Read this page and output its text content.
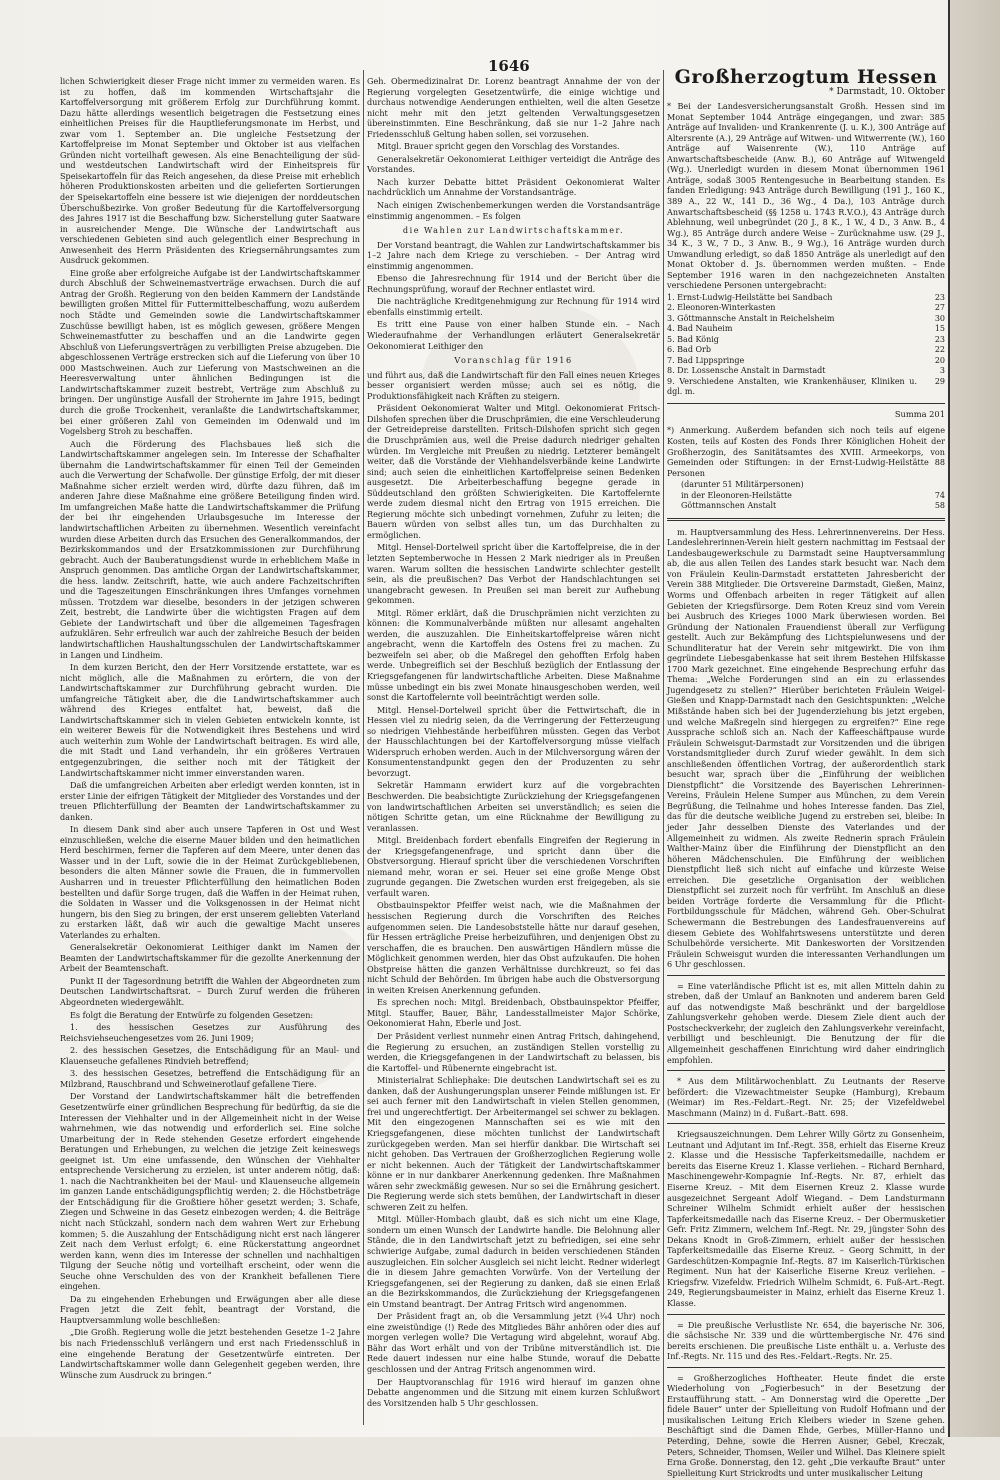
1646

lichen Schwierigkeit dieser Frage nicht immer zu vermeiden waren. Es ist zu hoffen, daß im kommenden Wirtschaftsjahr die Kartoffelversorgung mit größerem Erfolg zur Durchführung kommt. Dazu hätte allerdings wesentlich beigetragen die Festsetzung eines einheitlichen Preises für die Hauptlieferungsmonate im Herbst, und zwar vom 1. September an. Die ungleiche Festsetzung der Kartoffelpreise im Monat September und Oktober ist aus vielfachen Gründen nicht vorteilhaft gewesen. Als eine Benachteiligung der süd- und westdeutschen Landwirtschaft wird der Einheitspreis für Speisekartoffeln für das Reich angesehen, da diese Preise mit erheblich höheren Produktionskosten arbeiten und die gelieferten Sortierungen der Speisekartoffeln eine bessere ist wie diejenigen der norddeutschen Überschußbezirke. Von großer Bedeutung für die Kartoffelversorgung des Jahres 1917 ist die Beschaffung bzw. Sicherstellung guter Saatware in ausreichender Menge. Die Wünsche der Landwirtschaft aus verschiedenen Gebieten sind auch gelegentlich einer Besprechung in Anwesenheit des Herrn Präsidenten des Kriegsernährungsamtes zum Ausdruck gekommen.

Eine große aber erfolgreiche Aufgabe ist der Landwirtschaftskammer durch Abschluß der Schweinemastverträge erwachsen. Durch die auf Antrag der Großh. Regierung von den beiden Kammern der Landstände bewilligten großen Mittel für Futtermittelbeschaffung, wozu außerdem noch Städte und Gemeinden sowie die Landwirtschaftskammer Zuschüsse bewilligt haben, ist es möglich gewesen, größere Mengen Schweinemastfutter zu beschaffen und an die Landwirte gegen Abschluß von Lieferungsverträgen zu verbilligten Preise abzugeben. Die abgeschlossenen Verträge erstrecken sich auf die Lieferung von über 10 000 Mastschweinen. Auch zur Lieferung von Mastschweinen an die Heeresverwaltung unter ähnlichen Bedingungen ist die Landwirtschaftskammer zuzeit bestrebt, Verträge zum Abschluß zu bringen. Der ungünstige Ausfall der Strohernte im Jahre 1915, bedingt durch die große Trockenheit, veranlaßte die Landwirtschaftskammer, bei einer größeren Zahl von Gemeinden im Odenwald und im Vogelsberg Stroh zu beschaffen.

Auch die Förderung des Flachsbaues ließ sich die Landwirtschaftskammer angelegen sein. Im Interesse der Schafhalter übernahm die Landwirtschaftskammer für einen Teil der Gemeinden auch die Verwertung der Schafwolle. Der günstige Erfolg, der mit dieser Maßnahme sicher erzielt werden wird, dürfte dazu führen, daß im anderen Jahre diese Maßnahme eine größere Beteiligung finden wird. Im umfangreichen Maße hatte die Landwirtschaftskammer die Prüfung der bei ihr eingehenden Urlaubsgesuche im Interesse der landwirtschaftlichen Arbeiten zu übernehmen. Wesentlich vereinfacht wurden diese Arbeiten durch das Ersuchen des Generalkommandos, der Bezirkskommandos und der Ersatzkommissionen zur Durchführung gebracht. Auch der Bauberatungsdienst wurde in erheblichem Maße in Anspruch genommen. Das amtliche Organ der Landwirtschaftskammer, die hess. landw. Zeitschrift, hatte, wie auch andere Fachzeitschriften und die Tageszeitungen Einschränkungen ihres Umfanges vornehmen müssen. Trotzdem war dieselbe, besonders in der jetzigen schweren Zeit, bestrebt, die Landwirte über die wichtigsten Fragen auf dem Gebiete der Landwirtschaft und über die allgemeinen Tagesfragen aufzuklären. Sehr erfreulich war auch der zahlreiche Besuch der beiden landwirtschaftlichen Haushaltungsschulen der Landwirtschaftskammer in Langen und Lindheim.

In dem kurzen Bericht, den der Herr Vorsitzende erstattete, war es nicht möglich, alle die Maßnahmen zu erörtern, die von der Landwirtschaftskammer zur Durchführung gebracht wurden. Die umfangreiche Tätigkeit aber, die die Landwirtschaftskammer auch während des Krieges entfaltet hat, beweist, daß die Landwirtschaftskammer sich in vielen Gebieten entwickeln konnte, ist ein weiterer Beweis für die Notwendigkeit ihres Bestehens und wird auch weiterhin zum Wohle der Landwirtschaft beitragen. Es wird alle, die mit Stadt und Land verhandeln, ihr ein größeres Vertrauen entgegenzubringen, die seither noch mit der Tätigkeit der Landwirtschaftskammer nicht immer einverstanden waren.

Daß die umfangreichen Arbeiten aber erledigt werden konnten, ist in erster Linie der eifrigen Tätigkeit der Mitglieder des Vorstandes und der treuen Pflichterfüllung der Beamten der Landwirtschaftskammer zu danken.

In diesem Dank sind aber auch unsere Tapferen in Ost und West einzuschließen, welche die eiserne Mauer bilden und den heimatlichen Herd beschirmen, ferner die Tapferen auf dem Meere, unter denen das Wasser und in der Luft, sowie die in der Heimat Zurückgebliebenen, besonders die alten Männer sowie die Frauen, die in fummervollen Ausharren und in treuester Pflichterfüllung den heimatlichen Boden bestellten und dafür Sorge trugen, daß die Waffen in der Heimat ruhen, die Soldaten in Wasser und die Volksgenossen in der Heimat nicht hungern, bis den Sieg zu bringen, der erst unserem geliebten Vaterland zu erstarken läßt, daß wir auch die gewaltige Macht unseres Vaterlandes zu erhalten.

Generalsekretär Oekonomierat Leithiger dankt im Namen der Beamten der Landwirtschaftskammer für die gezollte Anerkennung der Arbeit der Beamtenschaft.

Punkt II der Tagesordnung betrifft die Wahlen der Abgeordneten zum Deutschen Landwirtschaftsrat. – Durch Zuruf werden die früheren Abgeordneten wiedergewählt.

Es folgt die Beratung der Entwürfe zu folgenden Gesetzen:

1. des hessischen Gesetzes zur Ausführung des Reichsviehseuchengesetzes vom 26. Juni 1909;

2. des hessischen Gesetzes, die Entschädigung für an Maul- und Klauenseuche gefallenes Rindvieh betreffend;

3. des hessischen Gesetzes, betreffend die Entschädigung für an Milzbrand, Rauschbrand und Schweinerotlauf gefallene Tiere.

Der Vorstand der Landwirtschaftskammer hält die betreffenden Gesetzentwürfe einer gründlichen Besprechung für bedürftig, da sie die Interessen der Viehhalter und in der Allgemeinheit nicht in der Weise wahrnehmen, wie das notwendig und erforderlich sei. Eine solche Umarbeitung der in Rede stehenden Gesetze erfordert eingehende Beratungen und Erhebungen, zu welchen die jetzige Zeit keineswegs geeignet ist. Um eine umfassende, den Wünschen der Viehhalter entsprechende Versicherung zu erzielen, ist unter anderem nötig, daß: 1. nach die Nachtrankheiten bei der Maul- und Klauenseuche allgemein im ganzen Lande entschädigungspflichtig werden; 2. die Höchstbeträge der Entschädigung für die Großtiere höher gesetzt werden; 3. Schafe, Ziegen und Schweine in das Gesetz einbezogen werden; 4. die Beiträge nicht nach Stückzahl, sondern nach dem wahren Wert zur Erhebung kommen; 5. die Auszahlung der Entschädigung nicht erst nach längerer Zeit nach dem Verlust erfolgt; 6. eine Rückerstattung angeordnet werden kann, wenn dies im Interesse der schnellen und nachhaltigen Tilgung der Seuche nötig und vorteilhaft erscheint, oder wenn die Seuche ohne Verschulden des von der Krankheit befallenen Tiere eingehen.

Da zu eingehenden Erhebungen und Erwägungen aber alle diese Fragen jetzt die Zeit fehlt, beantragt der Vorstand, die Hauptversammlung wolle beschließen:

„Die Großh. Regierung wolle die jetzt bestehenden Gesetze 1–2 Jahre bis nach Friedensschluß verlängern und erst nach Friedensschluß in eine eingehende Beratung der Gesetzentwürfe eintreten. Der Landwirtschaftskammer wolle dann Gelegenheit gegeben werden, ihre Wünsche zum Ausdruck zu bringen.“

Geh. Obermedizinalrat Dr. Lorenz beantragt Annahme der von der Regierung vorgelegten Gesetzentwürfe, die einige wichtige und durchaus notwendige Aenderungen enthielten, weil die alten Gesetze nicht mehr mit den jetzt geltenden Verwaltungsgesetzen übereinstimmten. Eine Beschränkung, daß sie nur 1–2 Jahre nach Friedensschluß Geltung haben sollen, sei vorzusehen.

Mitgl. Brauer spricht gegen den Vorschlag des Vorstandes.

Generalsekretär Oekonomierat Leithiger verteidigt die Anträge des Vorstandes.

Nach kurzer Debatte bittet Präsident Oekonomierat Walter nachdrücklich um Annahme der Vorstandsanträge.

Nach einigen Zwischenbemerkungen werden die Vorstandsanträge einstimmig angenommen. – Es folgen

die Wahlen zur Landwirtschaftskammer.

Der Vorstand beantragt, die Wahlen zur Landwirtschaftskammer bis 1–2 Jahre nach dem Kriege zu verschieben. – Der Antrag wird einstimmig angenommen.

Ebenso die Jahresrechnung für 1914 und der Bericht über die Rechnungsprüfung, worauf der Rechner entlastet wird.

Die nachträgliche Kreditgenehmigung zur Rechnung für 1914 wird ebenfalls einstimmig erteilt.

Es tritt eine Pause von einer halben Stunde ein. – Nach Wiederaufnahme der Verhandlungen erläutert Generalsekretär Oekonomierat Leithiger den

Voranschlag für 1916

und führt aus, daß die Landwirtschaft für den Fall eines neuen Krieges besser organisiert werden müsse; auch sei es nötig, die Produktionsfähigkeit nach Kräften zu steigern.

Präsident Oekonomierat Walter und Mitgl. Oekonomierat Fritsch-Dilshofen sprechen über die Druschprämien, die eine Verschleuderung der Getreidepreise darstellten. Fritsch-Dilshofen spricht sich gegen die Druschprämien aus, weil die Preise dadurch niedriger gehalten würden. Im Vergleiche mit Preußen zu niedrig. Letzterer bemängelt weiter, daß die Vorstände der Viehhandelsverbände keine Landwirte sind; auch seien die einheitlichen Kartoffelpreise seinen Bedenken ausgesetzt. Die Arbeiterbeschaffung begegne gerade in Süddeutschland den größten Schwierigkeiten. Die Kartoffelernte werde zudem diesmal nicht den Ertrag von 1915 erreichen. Die Regierung möchte sich unbedingt vornehmen, Zufuhr zu leiten; die Bauern würden von selbst alles tun, um das Durchhalten zu ermöglichen.

Mitgl. Hensel-Dortelweil spricht über die Kartoffelpreise, die in der letzten Septemberwoche in Hessen 2 Mark niedriger als in Preußen waren. Warum sollten die hessischen Landwirte schlechter gestellt sein, als die preußischen? Das Verbot der Handschlachtungen sei unangebracht gewesen. In Preußen sei man bereit zur Aufhebung gekommen.

Mitgl. Römer erklärt, daß die Druschprämien nicht verzichten zu können: die Kommunalverbände müßten nur allesamt angehalten werden, die auszuzahlen. Die Einheitskartoffelpreise wären nicht angebracht, wenn die Kartoffeln des Ostens frei zu machen. Zu bezweifeln sei aber, ob die Maßregel den gehofften Erfolg haben werde. Unbegreiflich sei der Beschluß bezüglich der Entlassung der Kriegsgefangenen für landwirtschaftliche Arbeiten. Diese Maßnahme müsse unbedingt ein bis zwei Monate hinausgeschoben werden, weil sonst die Kartoffelernte voll beeinträchtigt werden solle.

Mitgl. Hensel-Dortelweil spricht über die Fettwirtschaft, die in Hessen viel zu niedrig seien, da die Verringerung der Fetterzeugung so niedrigen Viehbestände herbeiführen müssten. Gegen das Verbot der Hausschlachtungen bei der Kartoffelversorgung müsse vielfach Widerspruch erhoben werden. Auch in der Milchversorgung wären der Konsumentenstandpunkt gegen den der Produzenten zu sehr bevorzugt.

Sekretär Hammann erwidert kurz auf die vorgebrachten Beschwerden. Die beabsichtigte Zurückziehung der Kriegsgefangenen von landwirtschaftlichen Arbeiten sei unverständlich; es seien die nötigen Schritte getan, um eine Rücknahme der Bewilligung zu veranlassen.

Mitgl. Breidenbach fordert ebenfalls Eingreifen der Regierung in der Kriegsgefangenenfrage, und spricht dann über die Obstversorgung. Hierauf spricht über die verschiedenen Vorschriften niemand mehr, woran er sei. Heuer sei eine große Menge Obst zugrunde gegangen. Die Zwetschen wurden erst freigegeben, als sie verfault waren.

Obstbauinspektor Pfeiffer weist nach, wie die Maßnahmen der hessischen Regierung durch die Vorschriften des Reiches aufgenommen seien. Die Landesobststelle hätte nur darauf gesehen, für Hessen erträgliche Preise herbeizuführen, und denjenigen Obst zu verschaffen, die es brauchen. Den auswärtigen Händlern müsse die Möglichkeit genommen werden, hier das Obst aufzukaufen. Die hohen Obstpreise hätten die ganzen Verhältnisse durchkreuzt, so fei das nicht Schuld der Behörden. Im übrigen habe auch die Obstversorgung in weiten Kreisen Anerkennung gefunden.

Es sprechen noch: Mitgl. Breidenbach, Obstbauinspektor Pfeiffer, Mitgl. Stauffer, Bauer, Bähr, Landesstallmeister Major Schörke, Oekonomierat Hahn, Eberle und Jost.

Der Präsident verliest nunmehr einen Antrag Fritsch, dahingehend, die Regierung zu ersuchen, an zuständigen Stellen vorstellig zu werden, die Kriegsgefangenen in der Landwirtschaft zu belassen, bis die Kartoffel- und Rübenernte eingebracht ist.

Ministerialrat Schliephake: Die deutschen Landwirtschaft sei es zu danken, daß der Aushungerungsplan unserer Feinde mißlungen ist. Er sei auch ferner mit den Landwirtschaft in vielen Stellen genommen, frei und ungerechtfertigt. Der Arbeitermangel sei schwer zu beklagen. Mit den eingezogenen Mannschaften sei es wie mit den Kriegsgefangenen, diese möchten tunlichst der Landwirtschaft zurückgegeben werden. Man sei hierfür dankbar. Die Wirtschaft sei nicht gehoben. Das Vertrauen der Großherzoglichen Regierung wolle er nicht bekennen. Auch der Tätigkeit der Landwirtschaftskammer könne er in nur dankbarer Anerkennung gedenken. Ihre Maßnahmen wären sehr zweckmäßig gewesen. Nur so sei die Ernährung gesichert. Die Regierung werde sich stets bemühen, der Landwirtschaft in dieser schweren Zeit zu helfen.

Mitgl. Müller-Hombach glaubt, daß es sich nicht um eine Klage, sondern um einen Wunsch der Landwirte handle. Die Belohnung aller Stände, die in den Landwirtschaft jetzt zu befriedigen, sei eine sehr schwierige Aufgabe, zumal dadurch in beiden verschiedenen Ständen auszugleichen. Ein solcher Ausgleich sei nicht leicht. Redner widerlegt die in diesem Jahre gemachten Vorwürfe. Von der Verteilung der Kriegsgefangenen, sei der Regierung zu danken, daß sie einen Erlaß an die Bezirkskommandos, die Zurückziehung der Kriegsgefangenen ein Umstand beantragt. Der Antrag Fritsch wird angenommen.

Der Präsident fragt an, ob die Versammlung jetzt (¾4 Uhr) noch eine zweistündige (!) Rede des Mitgliedes Bähr anhören oder dies auf morgen verlegen wolle? Die Vertagung wird abgelehnt, worauf Abg. Bähr das Wort erhält und von der Tribüne mitverständlich ist. Die Rede dauert indessen nur eine halbe Stunde, worauf die Debatte geschlossen und der Antrag Fritsch angenommen wird.

Der Hauptvoranschlag für 1916 wird hierauf im ganzen ohne Debatte angenommen und die Sitzung mit einem kurzen Schlußwort des Vorsitzenden halb 5 Uhr geschlossen.

Großherzogtum Hessen
* Darmstadt, 10. Oktober

* Bei der Landesversicherungsanstalt Großh. Hessen sind im Monat September 1044 Anträge eingegangen, und zwar: 385 Anträge auf Invaliden- und Krankenrente (J. u. K.), 300 Anträge auf Altersrente (A.), 29 Anträge auf Witwen- und Witwerrente (W.), 160 Anträge auf Waisenrente (W.), 110 Anträge auf Anwartschaftsbescheide (Anw. B.), 60 Anträge auf Witwengeld (Wg.). Unerledigt wurden in diesem Monat übernommen 1961 Anträge, sodaß 3005 Rentengesuche in Bearbeitung standen. Es fanden Erledigung: 943 Anträge durch Bewilligung (191 J., 160 K., 389 A., 22 W., 141 D., 36 Wg., 4 Da.), 103 Anträge durch Anwartschaftsbescheid (§§ 1258 u. 1743 R.V.O.), 43 Anträge durch Ablehnung, weil unbegründet (20 J., 8 K., 1 W., 4 D., 3 Anw. B., 4 Wg.), 85 Anträge durch andere Weise – Zurücknahme usw. (29 J., 34 K., 3 W., 7 D., 3 Anw. B., 9 Wg.), 16 Anträge wurden durch Umwandlung erledigt, so daß 1850 Anträge als unerledigt auf den Monat Oktober d. Js. übernommen werden mußten. – Ende September 1916 waren in den nachgezeichneten Anstalten verschiedene Personen untergebracht:

1. Ernst-Ludwig-Heilstätte bei Sandbach	23
2. Eleonoren-Winterkasten	27
3. Göttmannsche Anstalt in Reichelsheim	30
4. Bad Nauheim	15
5. Bad König	23
6. Bad Orb	22
7. Bad Lippspringe	20
8. Dr. Lossensche Anstalt in Darmstadt	3
9. Verschiedene Anstalten, wie Krankenhäuser, Kliniken u. dgl. m.	29
Summa 201

*) Anmerkung. Außerdem befanden sich noch teils auf eigene Kosten, teils auf Kosten des Fonds Ihrer Königlichen Hoheit der Großherzogin, des Sanitätsamtes des XVIII. Armeekorps, von Gemeinden oder Stiftungen: in der Ernst-Ludwig-Heilstätte 88 Personen

(darunter 51 Militärpersonen)	
in der Eleonoren-Heilstätte	74
Göttmannschen Anstalt	58

m. Hauptversammlung des Hess. Lehrerinnenvereins. Der Hess. Landeslehrerinnen-Verein hielt gestern nachmittag im Festsaal der Landesbaugewerkschule zu Darmstadt seine Hauptversammlung ab, die aus allen Teilen des Landes stark besucht war. Nach dem von Fräulein Keulin-Darmstadt erstatteten Jahresbericht der Verein 388 Mitglieder. Die Ortsvereine Darmstadt, Gießen, Mainz, Worms und Offenbach arbeiten in reger Tätigkeit auf allen Gebieten der Kriegsfürsorge. Dem Roten Kreuz sind vom Verein bei Ausbruch des Krieges 1000 Mark überwiesen worden. Bei Gründung der Nationalen Frauendienst überall zur Verfügung gestellt. Auch zur Bekämpfung des Lichtspielunwesens und der Schundliteratur hat der Verein sehr mitgewirkt. Die von ihm gegründete Liebesgabenkasse hat seit ihrem Bestehen Hilfskasse 1700 Mark gezeichnet. Eine eingehende Besprechung erfuhr das Thema: „Welche Forderungen sind an ein zu erlassendes Jugendgesetz zu stellen?“ Hierüber berichteten Fräulein Weigel-Gießen und Knapp-Darmstadt nach den Gesichtspunkten: „Welche Mißstände haben sich bei der Jugenderziehung bis jetzt ergeben, und welche Maßregeln sind hiergegen zu ergreifen?“ Eine rege Aussprache schloß sich an. Nach der Kaffeeschäftpause wurde Fräulein Schweisgut-Darmstadt zur Vorsitzenden und die übrigen Vorstandsmitglieder durch Zuruf wieder gewählt. In dem sich anschließenden öffentlichen Vortrag, der außerordentlich stark besucht war, sprach über die „Einführung der weiblichen Dienstpflicht“ die Vorsitzende des Bayerischen Lehrerinnen-Vereins, Fräulein Helene Sumper aus München, zu dem Verein Begrüßung, die Teilnahme und hohes Interesse fanden. Das Ziel, das für die deutsche weibliche Jugend zu erstreben sei, bleibe: In jeder Jahr desselben Dienste des Vaterlandes und der Allgemeinheit zu widmen. Als zweite Rednerin sprach Fräulein Walther-Mainz über die Einführung der Dienstpflicht an den höheren Mädchenschulen. Die Einführung der weiblichen Dienstpflicht ließ sich nicht auf einfache und kürzeste Weise erreichen. Die gesetzliche Organisation der weiblichen Dienstpflicht sei zurzeit noch für verfrüht. Im Anschluß an diese beiden Vorträge forderte die Versammlung für die Pflicht-Fortbildungsschule für Mädchen, während Geh. Ober-Schulrat Schewermann die Bestrebungen des Landesfrauenvereins auf diesem Gebiete des Wohlfahrtswesens unterstützte und deren Schulbehörde versicherte. Mit Dankesworten der Vorsitzenden Fräulein Schweisgut wurden die interessanten Verhandlungen um 6 Uhr geschlossen.

= Eine vaterländische Pflicht ist es, mit allen Mitteln dahin zu streben, daß der Umlauf an Banknoten und anderem baren Geld auf das notwendigste Maß beschränkt und der bargeldlose Zahlungsverkehr gehoben werde. Diesem Ziele dient auch der Postscheckverkehr, der zugleich den Zahlungsverkehr vereinfacht, verbilligt und beschleunigt. Die Benutzung der für die Allgemeinheit geschaffenen Einrichtung wird daher eindringlich empfohlen.

* Aus dem Militärwochenblatt. Zu Leutnants der Reserve befördert: die Vizewachtmeister Seupke (Hamburg), Krebaum (Weimar) im Res.-Feldart.-Regt. Nr. 25; der Vizefeldwebel Maschmann (Mainz) in d. Fußart.-Batt. 698.

Kriegsauszeichnungen. Dem Lehrer Willy Görtz zu Gonsenheim, Leutnant und Adjutant im Inf.-Regt. 358, erhielt das Eiserne Kreuz 2. Klasse und die Hessische Tapferkeitsmedaille, nachdem er bereits das Eiserne Kreuz 1. Klasse verliehen. – Richard Bernhard, Maschinengewehr-Kompagnie Inf.-Regts. Nr. 87, erhielt das Eiserne Kreuz. – Mit dem Eisernen Kreuz 2. Klasse wurde ausgezeichnet Sergeant Adolf Wiegand. – Dem Landsturmann Schreiner Wilhelm Schmidt erhielt außer der hessischen Tapferkeitsmedaille nach das Eiserne Kreuz. – Der Obermusketier Gefr. Fritz Zimmern, welchem Inf.-Regt. Nr. 29, jüngster Sohn des Dekans Knodt in Groß-Zimmern, erhielt außer der hessischen Tapferkeitsmedaille das Eiserne Kreuz. – Georg Schmitt, in der Gardeschützen-Kompagnie Inf.-Regts. 87 im Kaiserlich-Türkischen Regiment. Nun hat der Kaiserliche Eiserne Kreuz verliehen. – Kriegsfrw. Vizefeldw. Friedrich Wilhelm Schmidt, 6. Fuß-Art.-Regt. 249, Regierungsbaumeister in Mainz, erhielt das Eiserne Kreuz 1. Klasse.

= Die preußische Verlustliste Nr. 654, die bayerische Nr. 306, die sächsische Nr. 339 und die württembergische Nr. 476 sind bereits erschienen. Die preußische Liste enthält u. a. Verluste des Inf.-Regts. Nr. 115 und des Res.-Feldart.-Regts. Nr. 25.

= Großherzogliches Hoftheater. Heute findet die erste Wiederholung von „Fogierbesuch“ in der Besetzung der Erstaufführung statt. – Am Donnerstag wird die Operette „Der fidele Bauer“ unter der Spielleitung von Rudolf Hofmann und der musikalischen Leitung Erich Kleibers wieder in Szene gehen. Beschäftigt sind die Damen Ehde, Gerbes, Müller-Hanno und Peterding, Dehne, sowie die Herren Ausner, Gebel, Kreczak, Peters, Schneider, Thomsen, Weiler und Wilhel. Das Kleinere spielt Erna Große. Donnerstag, den 12. geht „Die verkaufte Braut“ unter Spielleitung Kurt Strickrodts und unter musikalischer Leitung
